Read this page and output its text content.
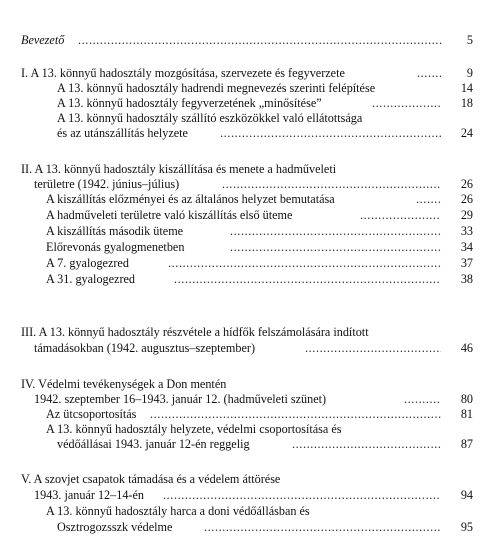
Bevezető .....	5
I. A 13. könnyű hadosztály mozgósítása, szervezete és fegyverzete .....	9
A 13. könnyű hadosztály hadrendi megnevezés szerinti felépítése	14
A 13. könnyű hadosztály fegyverzetének „minősítése” .....	18
A 13. könnyű hadosztály szállító eszközökkel való ellátottsága
és az utánszállítás helyzete .....	24
II. A 13. könnyű hadosztály kiszállítása és menete a hadműveleti
területre (1942. június–július) .....	26
A kiszállítás előzményei és az általános helyzet bemutatása .....	26
A hadműveleti területre való kiszállítás első üteme .....	29
A kiszállítás második üteme .....	33
Előrevonás gyalogmenetben .....	34
A 7. gyalogezred .....	37
A 31. gyalogezred .....	38
III. A 13. könnyű hadosztály részvétele a hídfők felszámolására indított
támadásokban (1942. augusztus–szeptember) .....	46
IV. Védelmi tevékenységek a Don mentén
1942. szeptember 16–1943. január 12. (hadműveleti szünet) .....	80
Az ütcsoportosítás .....	81
A 13. könnyű hadosztály helyzete, védelmi csoportosítása és
védőállásai 1943. január 12-én reggelig .....	87
V. A szovjet csapatok támadása és a védelem áttörése
1943. január 12–14-én .....	94
A 13. könnyű hadosztály harca a doni védőállásban és
Osztrogozsszk védelme .....	95
